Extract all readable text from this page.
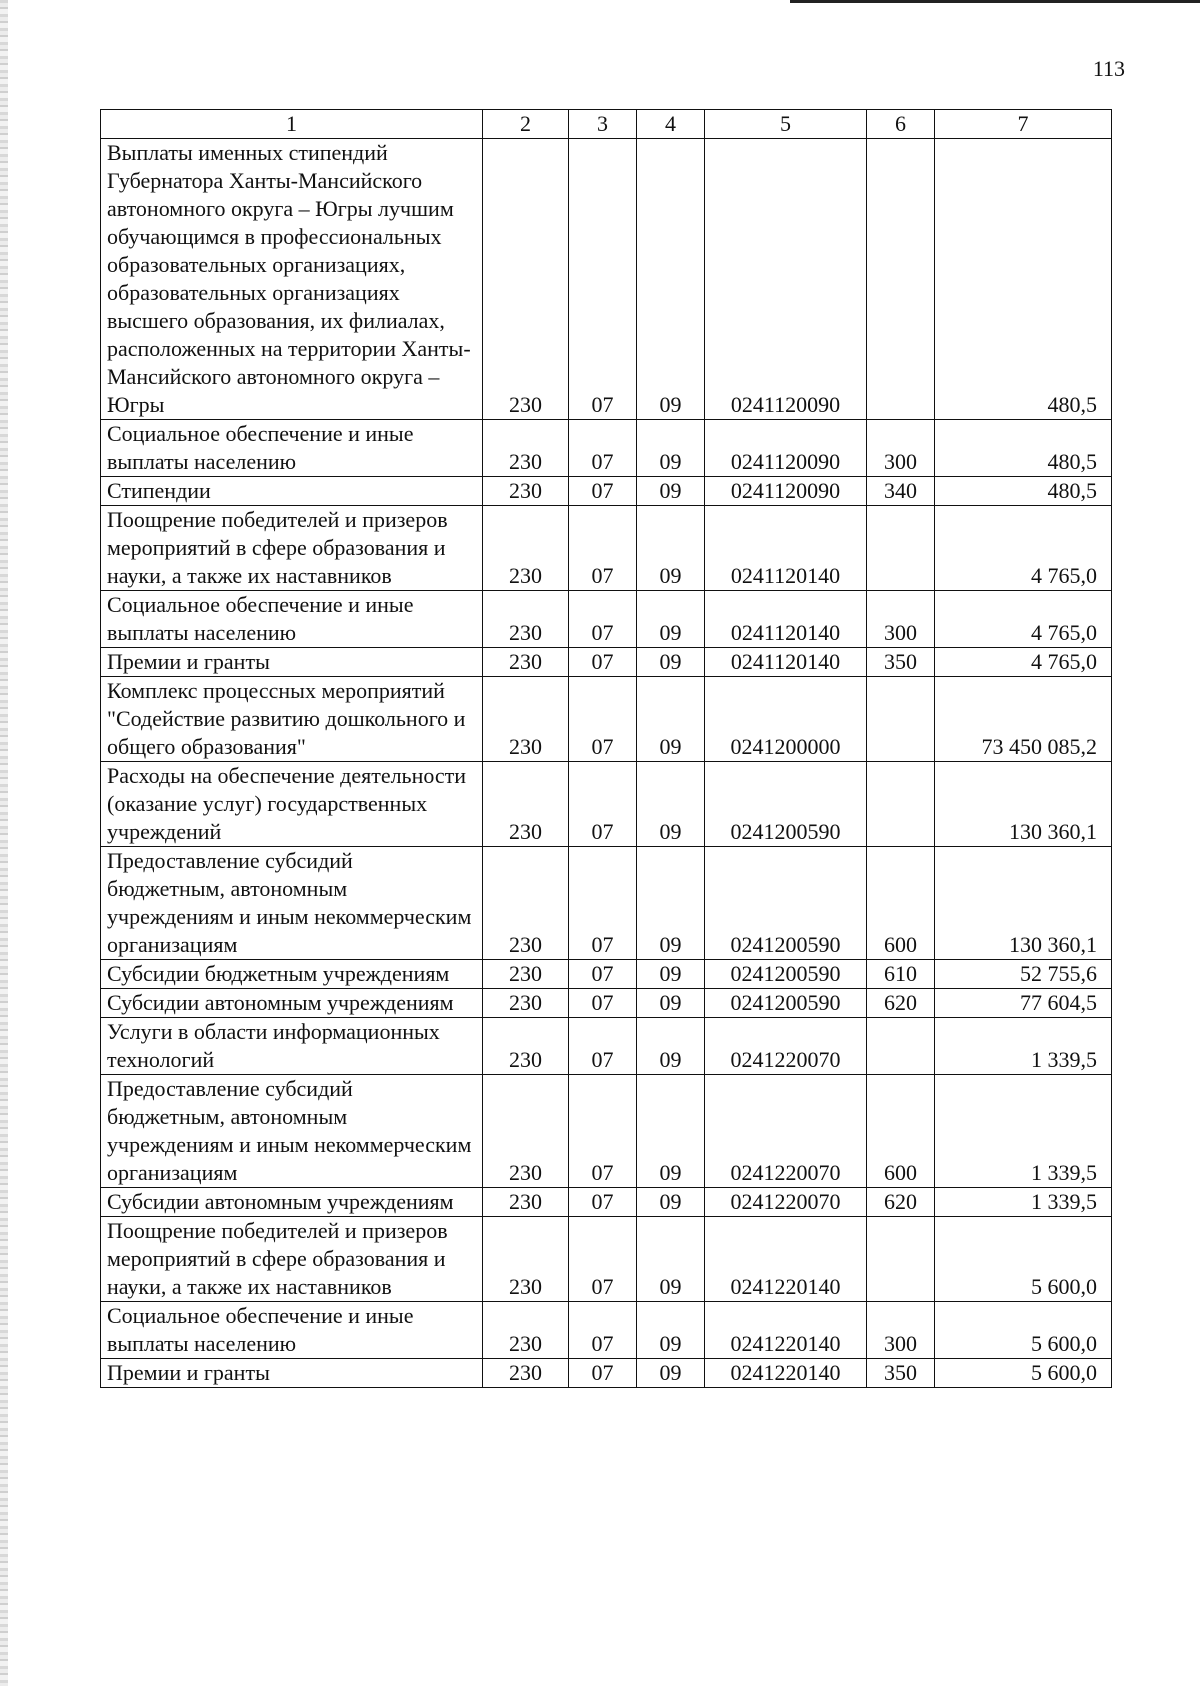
113
1	2	3	4	5	6	7
Выплаты именных стипендий Губернатора Ханты-Мансийского автономного округа – Югры лучшим обучающимся в профессиональных образовательных организациях, образовательных организациях высшего образования, их филиалах, расположенных на территории Ханты-Мансийского автономного округа – Югры	230	07	09	0241120090		480,5
Социальное обеспечение и иные выплаты населению	230	07	09	0241120090	300	480,5
Стипендии	230	07	09	0241120090	340	480,5
Поощрение победителей и призеров мероприятий в сфере образования и науки, а также их наставников	230	07	09	0241120140		4 765,0
Социальное обеспечение и иные выплаты населению	230	07	09	0241120140	300	4 765,0
Премии и гранты	230	07	09	0241120140	350	4 765,0
Комплекс процессных мероприятий "Содействие развитию дошкольного и общего образования"	230	07	09	0241200000		73 450 085,2
Расходы на обеспечение деятельности (оказание услуг) государственных учреждений	230	07	09	0241200590		130 360,1
Предоставление субсидий бюджетным, автономным учреждениям и иным некоммерческим организациям	230	07	09	0241200590	600	130 360,1
Субсидии бюджетным учреждениям	230	07	09	0241200590	610	52 755,6
Субсидии автономным учреждениям	230	07	09	0241200590	620	77 604,5
Услуги в области информационных технологий	230	07	09	0241220070		1 339,5
Предоставление субсидий бюджетным, автономным учреждениям и иным некоммерческим организациям	230	07	09	0241220070	600	1 339,5
Субсидии автономным учреждениям	230	07	09	0241220070	620	1 339,5
Поощрение победителей и призеров мероприятий в сфере образования и науки, а также их наставников	230	07	09	0241220140		5 600,0
Социальное обеспечение и иные выплаты населению	230	07	09	0241220140	300	5 600,0
Премии и гранты	230	07	09	0241220140	350	5 600,0
